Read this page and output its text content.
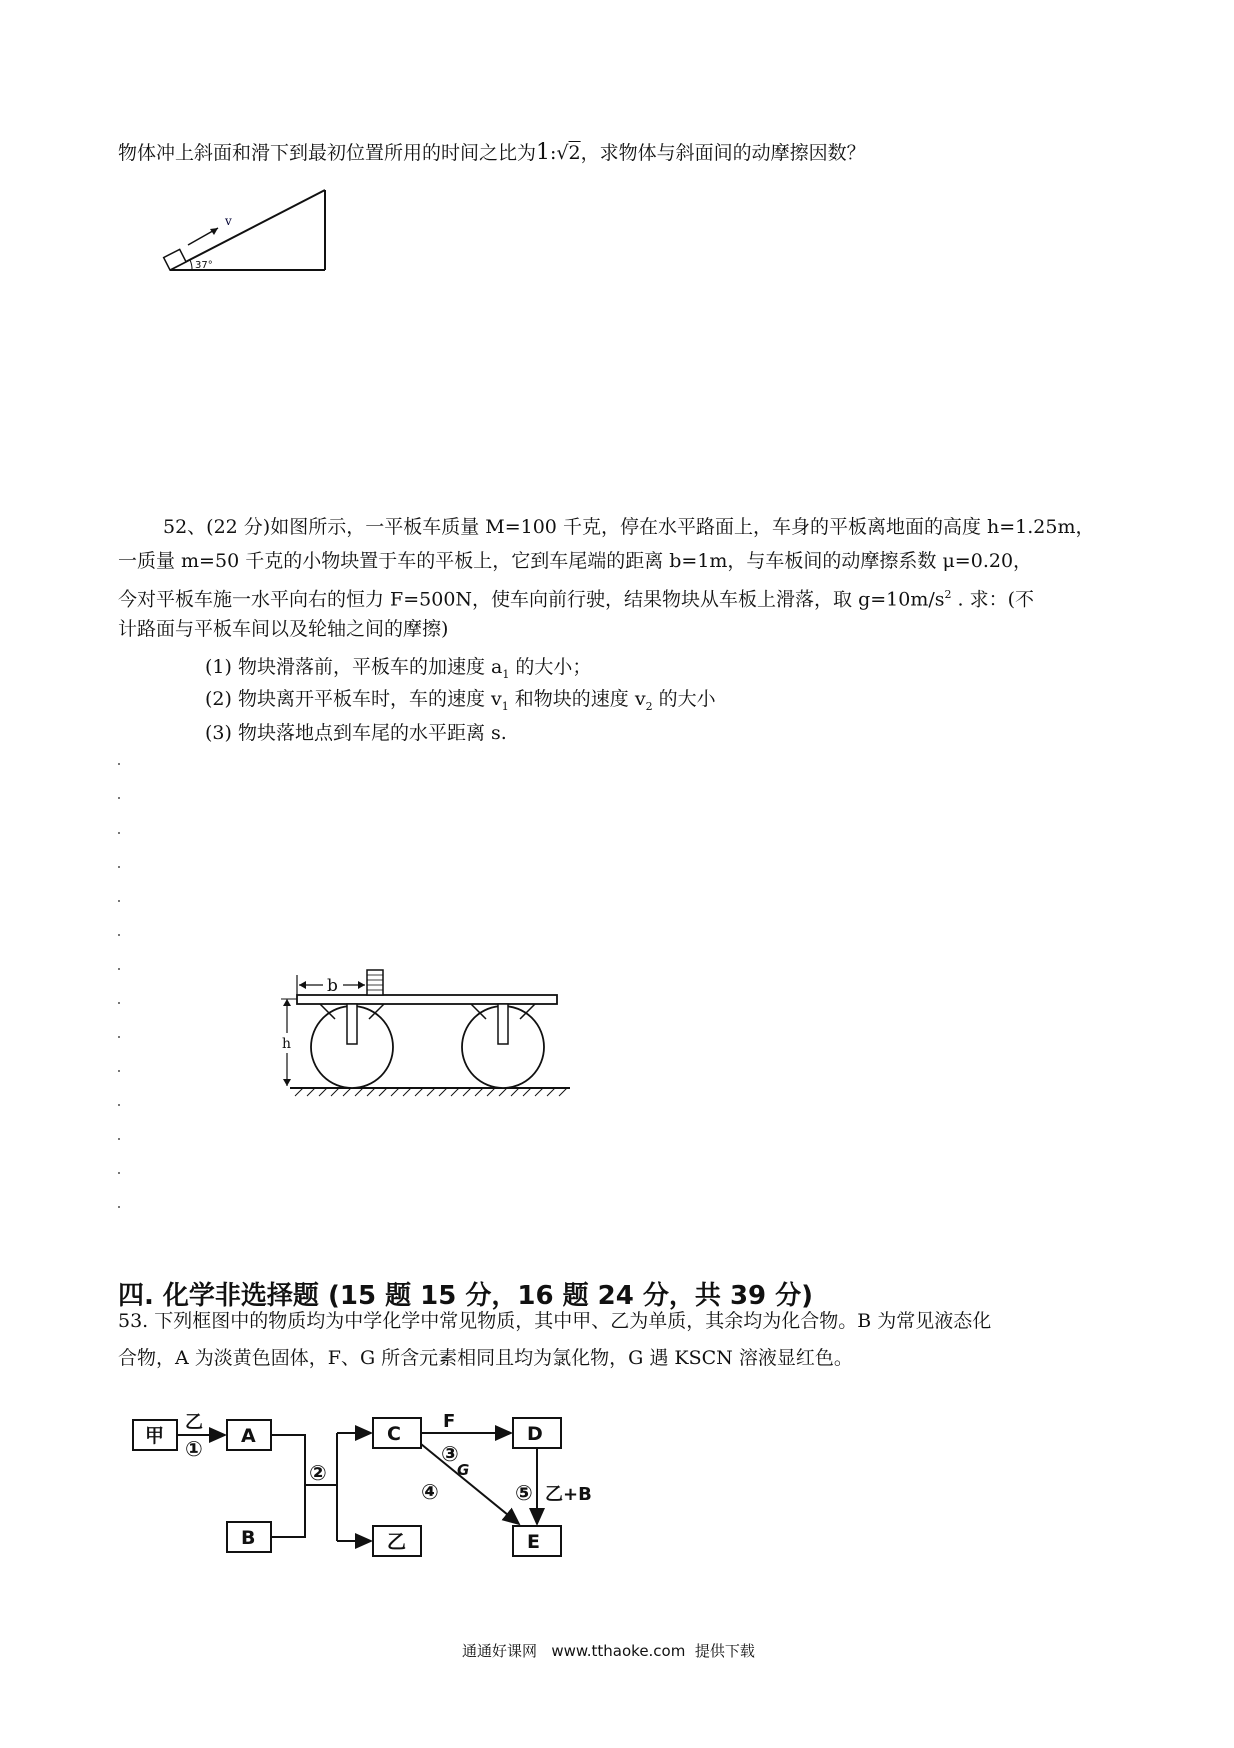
物体冲上斜面和滑下到最初位置所用的时间之比为1:√2，求物体与斜面间的动摩擦因数？
v
37°
52、(22 分)如图所示，一平板车质量 M=100 千克，停在水平路面上，车身的平板离地面的高度 h=1.25m，
一质量 m=50 千克的小物块置于车的平板上，它到车尾端的距离 b=1m，与车板间的动摩擦系数 μ=0.20，
今对平板车施一水平向右的恒力 F=500N，使车向前行驶，结果物块从车板上滑落，取 $g=10m/s^2$ . 求：(不
计路面与平板车间以及轮轴之间的摩擦)
(1) 物块滑落前，平板车的加速度 $a_1$ 的大小；
(2) 物块离开平板车时，车的速度 $v_1$ 和物块的速度 $v_2$ 的大小
(3) 物块落地点到车尾的水平距离 s.
b
h
四. 化学非选择题 (15 题 15 分，16 题 24 分，共 39 分)
53. 下列框图中的物质均为中学化学中常见物质，其中甲、乙为单质，其余均为化合物。B 为常见液态化
合物，A 为淡黄色固体，F、G 所含元素相同且均为氯化物，G 遇 KSCN 溶液显红色。
甲	A
B
C
乙
D
E
乙	F
G
乙+B
①
②
③
④	⑤
通通好课网 www.tthaoke.com 提供下载
